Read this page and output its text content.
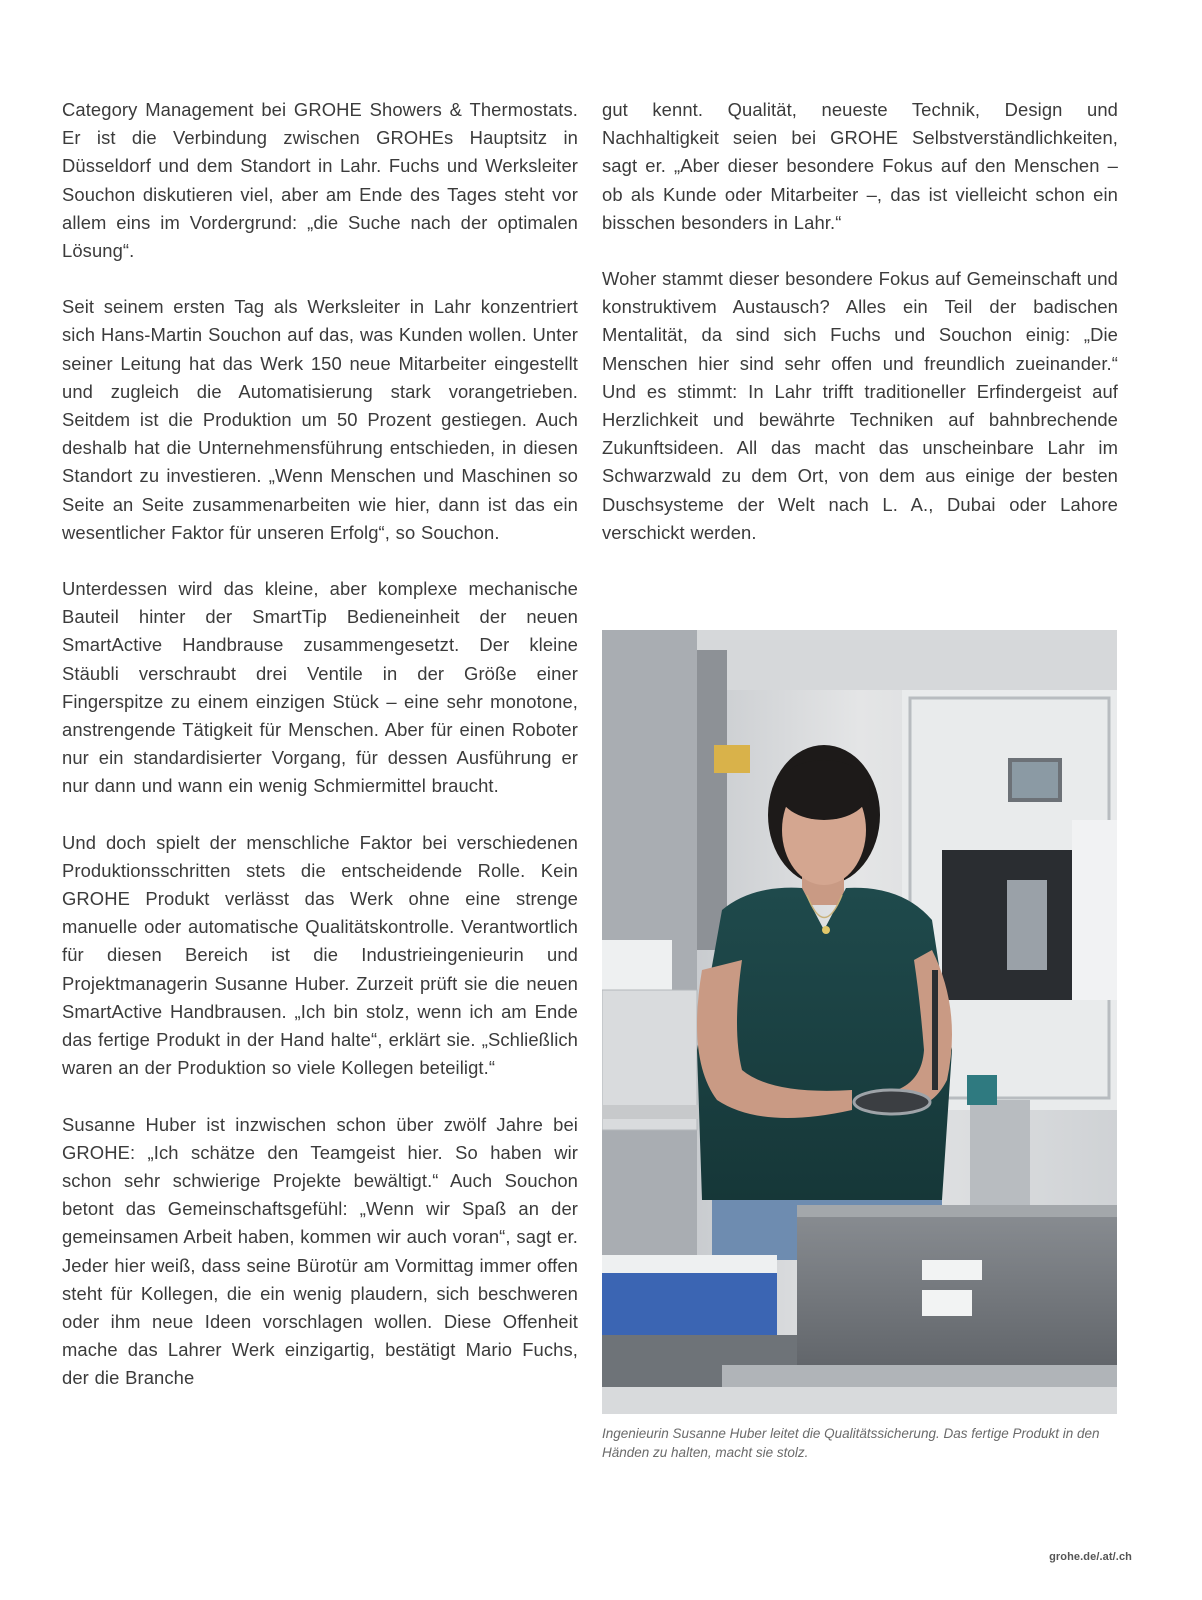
Category Management bei GROHE Showers & Thermostats. Er ist die Verbindung zwischen GROHEs Hauptsitz in Düsseldorf und dem Standort in Lahr. Fuchs und Werksleiter Souchon diskutieren viel, aber am Ende des Tages steht vor allem eins im Vordergrund: „die Suche nach der optimalen Lösung“.

Seit seinem ersten Tag als Werksleiter in Lahr konzentriert sich Hans-Martin Souchon auf das, was Kunden wollen. Unter seiner Leitung hat das Werk 150 neue Mitarbeiter eingestellt und zugleich die Automatisierung stark vorangetrieben. Seitdem ist die Produktion um 50 Prozent gestiegen. Auch deshalb hat die Unternehmensführung entschieden, in diesen Standort zu investieren. „Wenn Menschen und Maschinen so Seite an Seite zusammenarbeiten wie hier, dann ist das ein wesentlicher Faktor für unseren Erfolg“, so Souchon.

Unterdessen wird das kleine, aber komplexe mechanische Bauteil hinter der SmartTip Bedieneinheit der neuen SmartActive Handbrause zusammengesetzt. Der kleine Stäubli verschraubt drei Ventile in der Größe einer Fingerspitze zu einem einzigen Stück – eine sehr monotone, anstrengende Tätigkeit für Menschen. Aber für einen Roboter nur ein standardisierter Vorgang, für dessen Ausführung er nur dann und wann ein wenig Schmiermittel braucht.

Und doch spielt der menschliche Faktor bei verschiedenen Produktionsschritten stets die entscheidende Rolle. Kein GROHE Produkt verlässt das Werk ohne eine strenge manuelle oder automatische Qualitätskontrolle. Verantwortlich für diesen Bereich ist die Industrieingenieurin und Projektmanagerin Susanne Huber. Zurzeit prüft sie die neuen SmartActive Handbrausen. „Ich bin stolz, wenn ich am Ende das fertige Produkt in der Hand halte“, erklärt sie. „Schließlich waren an der Produktion so viele Kollegen beteiligt.“

Susanne Huber ist inzwischen schon über zwölf Jahre bei GROHE: „Ich schätze den Teamgeist hier. So haben wir schon sehr schwierige Projekte bewältigt.“ Auch Souchon betont das Gemeinschaftsgefühl: „Wenn wir Spaß an der gemeinsamen Arbeit haben, kommen wir auch voran“, sagt er. Jeder hier weiß, dass seine Bürotür am Vormittag immer offen steht für Kollegen, die ein wenig plaudern, sich beschweren oder ihm neue Ideen vorschlagen wollen. Diese Offenheit mache das Lahrer Werk einzigartig, bestätigt Mario Fuchs, der die Branche

gut kennt. Qualität, neueste Technik, Design und Nachhaltigkeit seien bei GROHE Selbstverständlichkeiten, sagt er. „Aber dieser besondere Fokus auf den Menschen – ob als Kunde oder Mitarbeiter –, das ist vielleicht schon ein bisschen besonders in Lahr.“

Woher stammt dieser besondere Fokus auf Gemeinschaft und konstruktivem Austausch? Alles ein Teil der badischen Mentalität, da sind sich Fuchs und Souchon einig: „Die Menschen hier sind sehr offen und freundlich zueinander.“ Und es stimmt: In Lahr trifft traditioneller Erfindergeist auf Herzlichkeit und bewährte Techniken auf bahnbrechende Zukunftsideen. All das macht das unscheinbare Lahr im Schwarzwald zu dem Ort, von dem aus einige der besten Duschsysteme der Welt nach L. A., Dubai oder Lahore verschickt werden.

Ingenieurin Susanne Huber leitet die Qualitätssicherung. Das fertige Produkt in den Händen zu halten, macht sie stolz.
grohe.de/.at/.ch
